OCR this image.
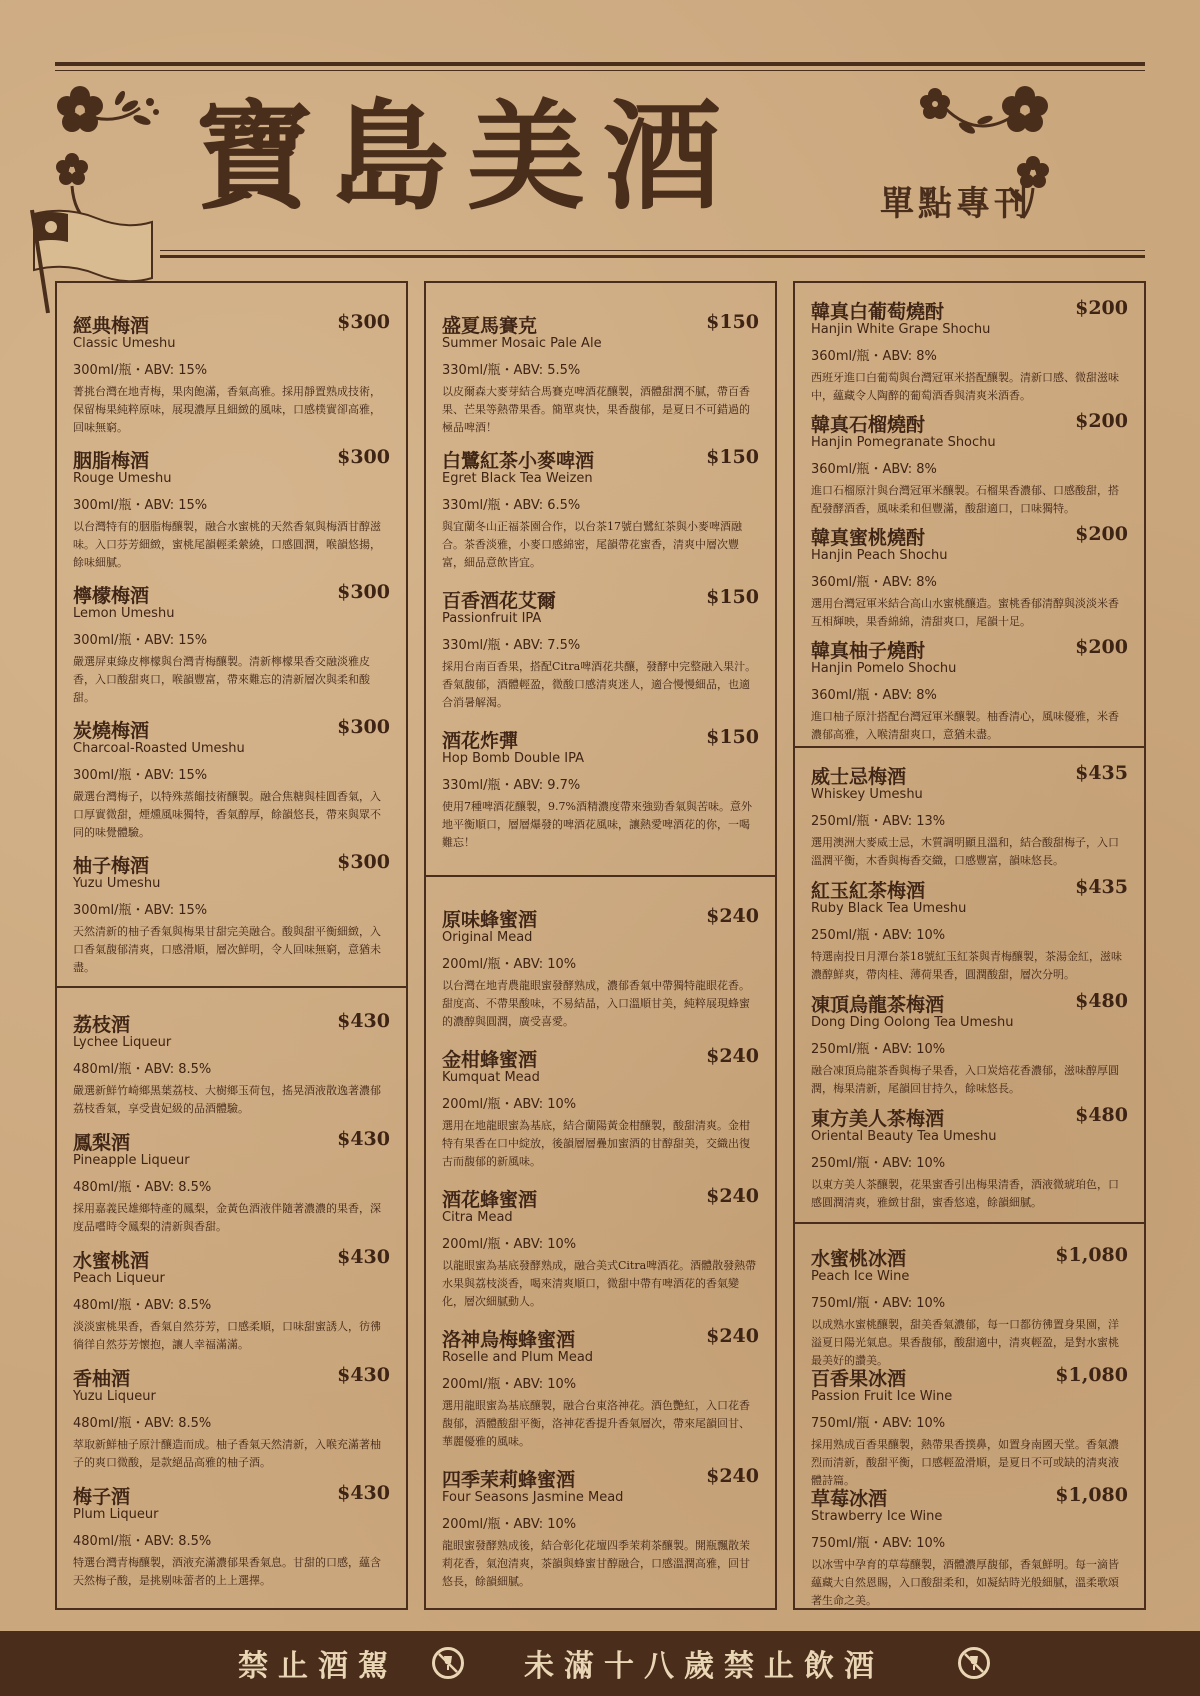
寶島美酒	單點專刊
經典梅酒	$300
Classic Umeshu
300ml/瓶・ABV: 15%
菁挑台灣在地青梅，果肉飽滿，香氣高雅。採用靜置熟成技術，保留梅果純粹原味，展現濃厚且細緻的風味，口感樸實卻高雅，回味無窮。
胭脂梅酒	$300
Rouge Umeshu
300ml/瓶・ABV: 15%
以台灣特有的胭脂梅釀製，融合水蜜桃的天然香氣與梅酒甘醇滋味。入口芬芳細緻，蜜桃尾韻輕柔縈繞，口感圓潤，喉韻悠揚，餘味細膩。
檸檬梅酒	$300
Lemon Umeshu
300ml/瓶・ABV: 15%
嚴選屏東綠皮檸檬與台灣青梅釀製。清新檸檬果香交融淡雅皮香，入口酸甜爽口，喉韻豐富，帶來難忘的清新層次與柔和酸甜。
炭燒梅酒	$300
Charcoal-Roasted Umeshu
300ml/瓶・ABV: 15%
嚴選台灣梅子，以特殊蒸餾技術釀製。融合焦糖與桂圓香氣，入口厚實微甜，煙燻風味獨特，香氣醇厚，餘韻悠長，帶來與眾不同的味覺體驗。
柚子梅酒	$300
Yuzu Umeshu
300ml/瓶・ABV: 15%
天然清新的柚子香氣與梅果甘甜完美融合。酸與甜平衡細緻，入口香氣馥郁清爽，口感滑順，層次鮮明，令人回味無窮，意猶未盡。
荔枝酒	$430
Lychee Liqueur
480ml/瓶・ABV: 8.5%
嚴選新鮮竹崎鄉黑葉荔枝、大樹鄉玉荷包，搖晃酒液散逸著濃郁荔枝香氣，享受貴妃級的品酒體驗。
鳳梨酒	$430
Pineapple Liqueur
480ml/瓶・ABV: 8.5%
採用嘉義民雄鄉特產的鳳梨，金黃色酒液伴隨著濃濃的果香，深度品嚐時令鳳梨的清新與香甜。
水蜜桃酒	$430
Peach Liqueur
480ml/瓶・ABV: 8.5%
淡淡蜜桃果香，香氣自然芬芳，口感柔順，口味甜蜜誘人，彷彿徜徉自然芬芳懷抱，讓人幸福滿滿。
香柚酒	$430
Yuzu Liqueur
480ml/瓶・ABV: 8.5%
萃取新鮮柚子原汁釀造而成。柚子香氣天然清新，入喉充滿著柚子的爽口微酸，是款絕品高雅的柚子酒。
梅子酒	$430
Plum Liqueur
480ml/瓶・ABV: 8.5%
特選台灣青梅釀製，酒液充滿濃郁果香氣息。甘甜的口感，蘊含天然梅子酸，是挑剔味蕾者的上上選擇。
盛夏馬賽克	$150
Summer Mosaic Pale Ale
330ml/瓶・ABV: 5.5%
以皮爾森大麥芽結合馬賽克啤酒花釀製，酒體甜潤不膩，帶百香果、芒果等熱帶果香。簡單爽快，果香馥郁，是夏日不可錯過的極品啤酒！
白鷺紅茶小麥啤酒	$150
Egret Black Tea Weizen
330ml/瓶・ABV: 6.5%
與宜蘭冬山正福茶園合作，以台茶17號白鷺紅茶與小麥啤酒融合。茶香淡雅，小麥口感綿密，尾韻帶花蜜香，清爽中層次豐富，細品意飲皆宜。
百香酒花艾爾	$150
Passionfruit IPA
330ml/瓶・ABV: 7.5%
採用台南百香果，搭配Citra啤酒花共釀，發酵中完整融入果汁。香氣馥郁，酒體輕盈，微酸口感清爽迷人，適合慢慢細品，也適合消暑解渴。
酒花炸彈	$150
Hop Bomb Double IPA
330ml/瓶・ABV: 9.7%
使用7種啤酒花釀製，9.7%酒精濃度帶來強勁香氣與苦味。意外地平衡順口，層層爆發的啤酒花風味，讓熱愛啤酒花的你，一喝難忘！
原味蜂蜜酒	$240
Original Mead
200ml/瓶・ABV: 10%
以台灣在地青農龍眼蜜發酵熟成，濃郁香氣中帶獨特龍眼花香。甜度高、不帶果酸味，不易結晶，入口溫順甘美，純粹展現蜂蜜的濃醇與圓潤，廣受喜愛。
金柑蜂蜜酒	$240
Kumquat Mead
200ml/瓶・ABV: 10%
選用在地龍眼蜜為基底，結合蘭陽黃金柑釀製，酸甜清爽。金柑特有果香在口中綻放，後韻層層疊加蜜酒的甘醇甜美，交織出復古而馥郁的新風味。
酒花蜂蜜酒	$240
Citra Mead
200ml/瓶・ABV: 10%
以龍眼蜜為基底發酵熟成，融合美式Citra啤酒花。酒體散發熱帶水果與荔枝淡香，喝來清爽順口，微甜中帶有啤酒花的香氣變化，層次細膩動人。
洛神烏梅蜂蜜酒	$240
Roselle and Plum Mead
200ml/瓶・ABV: 10%
選用龍眼蜜為基底釀製，融合台東洛神花。酒色艷紅，入口花香馥郁，酒體酸甜平衡，洛神花香提升香氣層次，帶來尾韻回甘、華麗優雅的風味。
四季茉莉蜂蜜酒	$240
Four Seasons Jasmine Mead
200ml/瓶・ABV: 10%
龍眼蜜發酵熟成後，結合彰化花壇四季茉莉茶釀製。開瓶飄散茉莉花香，氣泡清爽，茶韻與蜂蜜甘醇融合，口感溫潤高雅，回甘悠長，餘韻細膩。
韓真白葡萄燒酎	$200
Hanjin White Grape Shochu
360ml/瓶・ABV: 8%
西班牙進口白葡萄與台灣冠軍米搭配釀製。清新口感、微甜滋味中，蘊藏令人陶醉的葡萄酒香與清爽米酒香。
韓真石榴燒酎	$200
Hanjin Pomegranate Shochu
360ml/瓶・ABV: 8%
進口石榴原汁與台灣冠軍米釀製。石榴果香濃郁、口感酸甜，搭配發酵酒香，風味柔和但豐滿，酸甜適口，口味獨特。
韓真蜜桃燒酎	$200
Hanjin Peach Shochu
360ml/瓶・ABV: 8%
選用台灣冠軍米結合高山水蜜桃釀造。蜜桃香郁清醇與淡淡米香互相輝映，果香綿綿，清甜爽口，尾韻十足。
韓真柚子燒酎	$200
Hanjin Pomelo Shochu
360ml/瓶・ABV: 8%
進口柚子原汁搭配台灣冠軍米釀製。柚香清心，風味優雅，米香濃郁高雅，入喉清甜爽口，意猶未盡。
威士忌梅酒	$435
Whiskey Umeshu
250ml/瓶・ABV: 13%
選用澳洲大麥威士忌，木質調明顯且溫和，結合酸甜梅子，入口溫潤平衡，木香與梅香交織，口感豐富，韻味悠長。
紅玉紅茶梅酒	$435
Ruby Black Tea Umeshu
250ml/瓶・ABV: 10%
特選南投日月潭台茶18號紅玉紅茶與青梅釀製，茶湯金紅，滋味濃醇鮮爽，帶肉桂、薄荷果香，圓潤酸甜，層次分明。
凍頂烏龍茶梅酒	$480
Dong Ding Oolong Tea Umeshu
250ml/瓶・ABV: 10%
融合凍頂烏龍茶香與梅子果香，入口炭焙花香濃郁，滋味醇厚圓潤，梅果清新，尾韻回甘持久，餘味悠長。
東方美人茶梅酒	$480
Oriental Beauty Tea Umeshu
250ml/瓶・ABV: 10%
以東方美人茶釀製，花果蜜香引出梅果清香，酒液微琥珀色，口感圓潤清爽，雅緻甘甜，蜜香悠遠，餘韻細膩。
水蜜桃冰酒	$1,080
Peach Ice Wine
750ml/瓶・ABV: 10%
以成熟水蜜桃釀製，甜美香氣濃郁，每一口都彷彿置身果園，洋溢夏日陽光氣息。果香馥郁，酸甜適中，清爽輕盈，是對水蜜桃最美好的讚美。
百香果冰酒	$1,080
Passion Fruit Ice Wine
750ml/瓶・ABV: 10%
採用熟成百香果釀製，熱帶果香撲鼻，如置身南國天堂。香氣濃烈而清新，酸甜平衡，口感輕盈滑順，是夏日不可或缺的清爽液體詩篇。
草莓冰酒	$1,080
Strawberry Ice Wine
750ml/瓶・ABV: 10%
以冰雪中孕育的草莓釀製，酒體濃厚馥郁，香氣鮮明。每一滴皆蘊藏大自然恩賜，入口酸甜柔和，如凝結時光般細膩，溫柔歌頌著生命之美。
禁止酒駕	未滿十八歲禁止飲酒
